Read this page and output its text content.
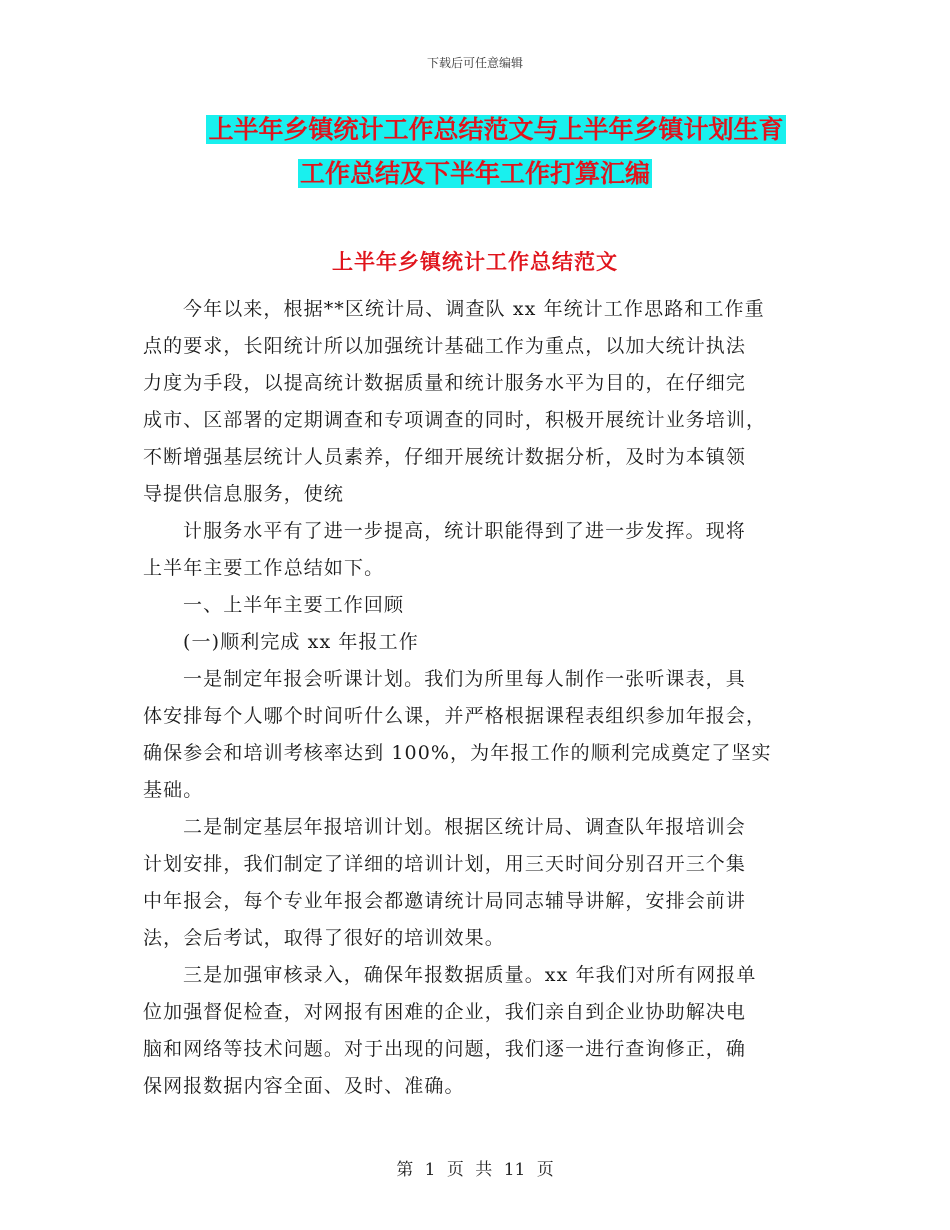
下载后可任意编辑
上半年乡镇统计工作总结范文与上半年乡镇计划生育
工作总结及下半年工作打算汇编
上半年乡镇统计工作总结范文
今年以来，根据**区统计局、调查队 xx 年统计工作思路和工作重
点的要求，长阳统计所以加强统计基础工作为重点，以加大统计执法
力度为手段，以提高统计数据质量和统计服务水平为目的，在仔细完
成市、区部署的定期调查和专项调查的同时，积极开展统计业务培训，
不断增强基层统计人员素养，仔细开展统计数据分析，及时为本镇领
导提供信息服务，使统
计服务水平有了进一步提高，统计职能得到了进一步发挥。现将
上半年主要工作总结如下。
一、上半年主要工作回顾
(一)顺利完成 xx 年报工作
一是制定年报会听课计划。我们为所里每人制作一张听课表，具
体安排每个人哪个时间听什么课，并严格根据课程表组织参加年报会，
确保参会和培训考核率达到 100%，为年报工作的顺利完成奠定了坚实
基础。
二是制定基层年报培训计划。根据区统计局、调查队年报培训会
计划安排，我们制定了详细的培训计划，用三天时间分别召开三个集
中年报会，每个专业年报会都邀请统计局同志辅导讲解，安排会前讲
法，会后考试，取得了很好的培训效果。
三是加强审核录入，确保年报数据质量。xx 年我们对所有网报单
位加强督促检查，对网报有困难的企业，我们亲自到企业协助解决电
脑和网络等技术问题。对于出现的问题，我们逐一进行查询修正，确
保网报数据内容全面、及时、准确。
第 1 页 共 11 页
